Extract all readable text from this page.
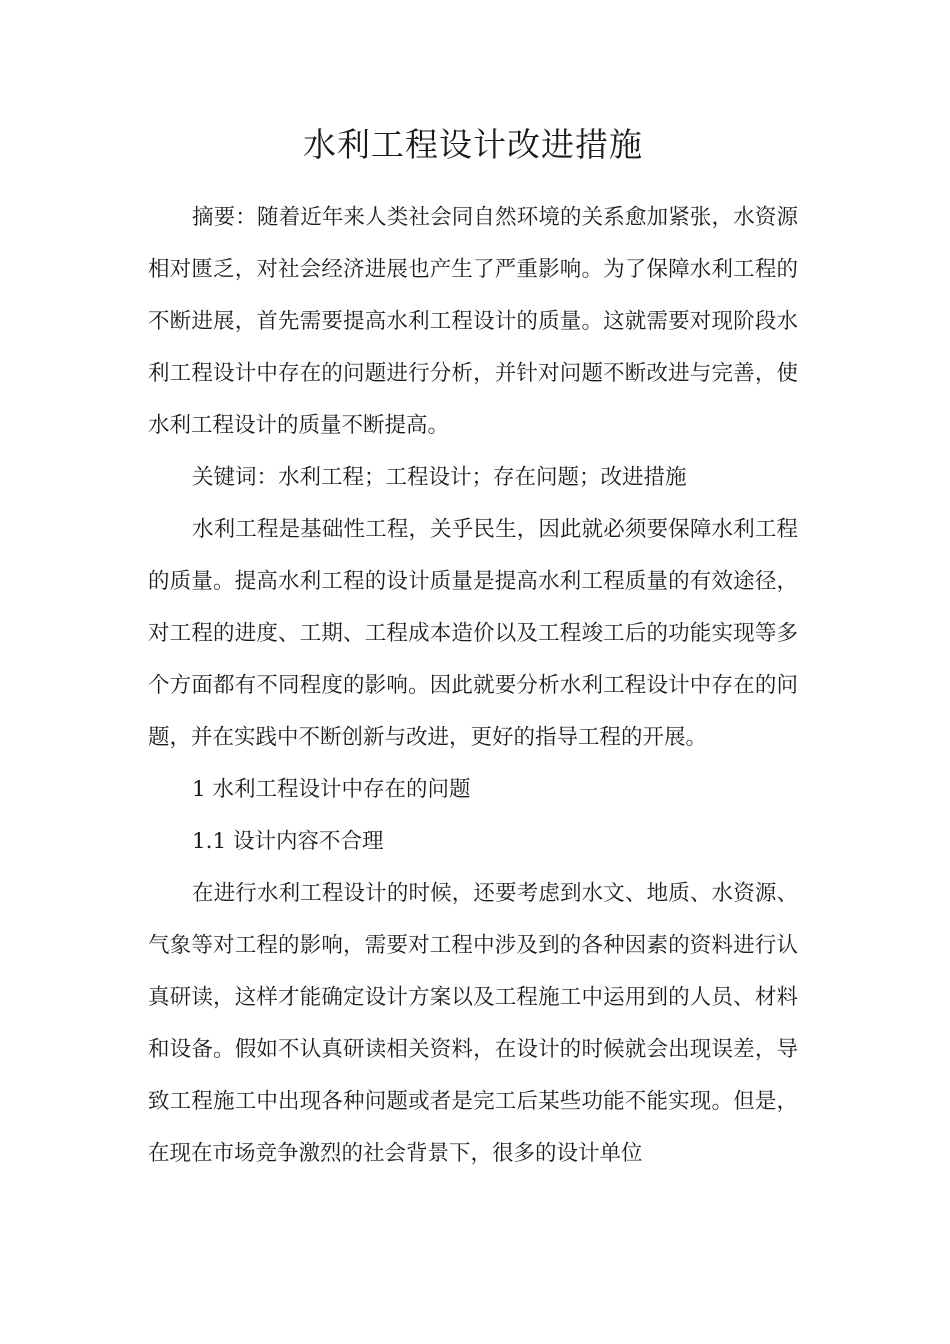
水利工程设计改进措施

摘要：随着近年来人类社会同自然环境的关系愈加紧张，水资源相对匮乏，对社会经济进展也产生了严重影响。为了保障水利工程的不断进展，首先需要提高水利工程设计的质量。这就需要对现阶段水利工程设计中存在的问题进行分析，并针对问题不断改进与完善，使水利工程设计的质量不断提高。

关键词：水利工程；工程设计；存在问题；改进措施

水利工程是基础性工程，关乎民生，因此就必须要保障水利工程的质量。提高水利工程的设计质量是提高水利工程质量的有效途径，对工程的进度、工期、工程成本造价以及工程竣工后的功能实现等多个方面都有不同程度的影响。因此就要分析水利工程设计中存在的问题，并在实践中不断创新与改进，更好的指导工程的开展。

1 水利工程设计中存在的问题

1.1 设计内容不合理

在进行水利工程设计的时候，还要考虑到水文、地质、水资源、气象等对工程的影响，需要对工程中涉及到的各种因素的资料进行认真研读，这样才能确定设计方案以及工程施工中运用到的人员、材料和设备。假如不认真研读相关资料，在设计的时候就会出现误差，导致工程施工中出现各种问题或者是完工后某些功能不能实现。但是，在现在市场竞争激烈的社会背景下，很多的设计单位
